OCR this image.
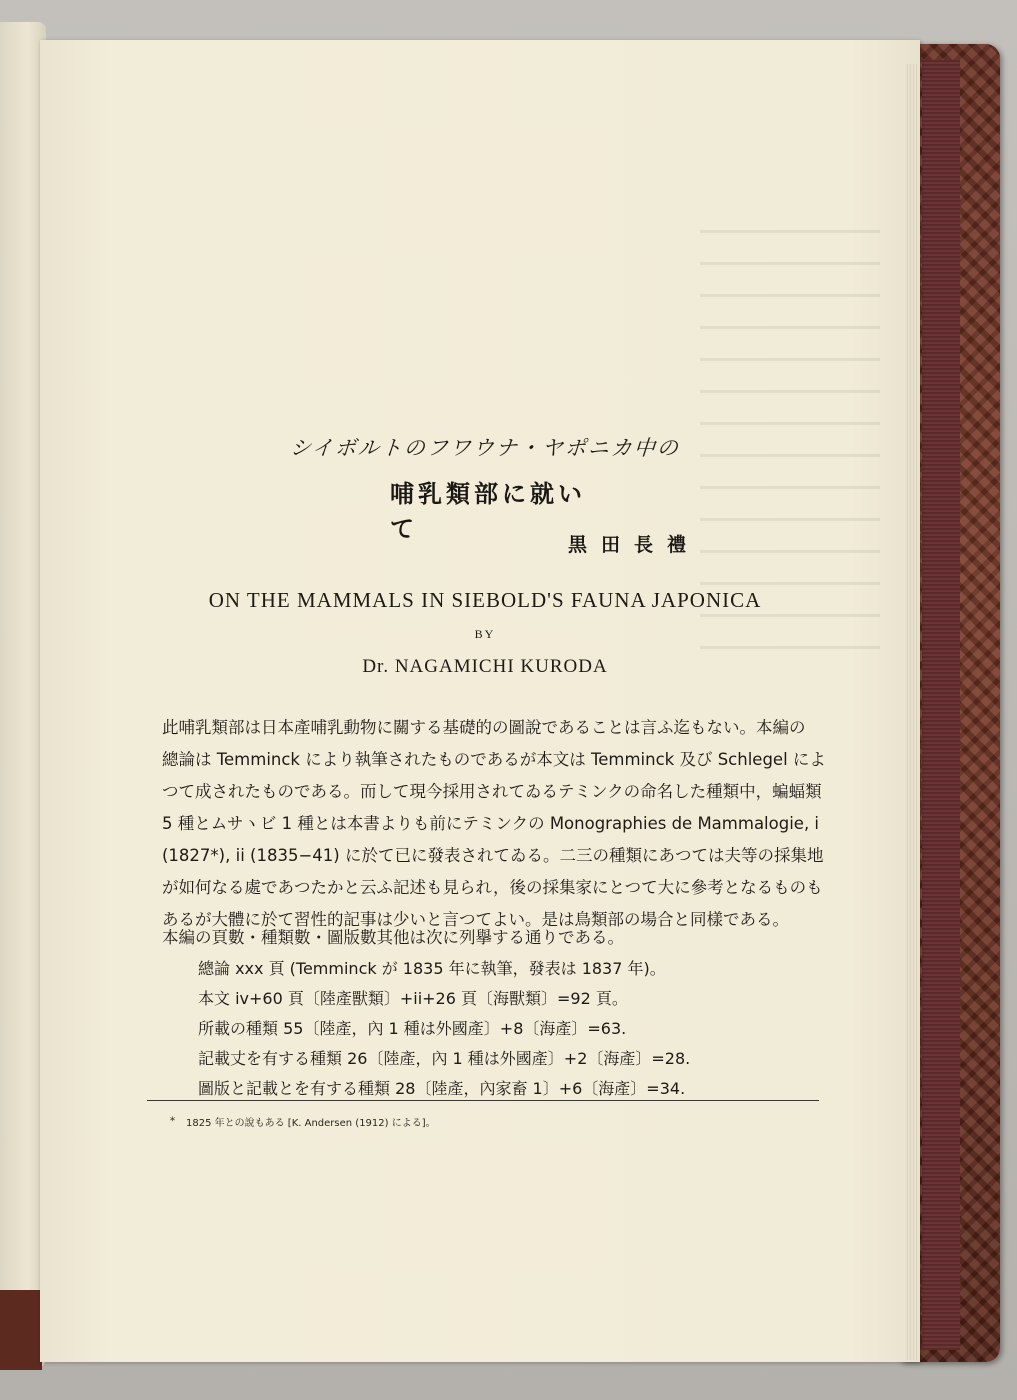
シイボルトのフワウナ・ヤポニカ中の
哺乳類部に就いて
黒田長禮
ON THE MAMMALS IN SIEBOLD'S FAUNA JAPONICA
BY
Dr. NAGAMICHI KURODA
此哺乳類部は日本產哺乳動物に關する基礎的の圖說であることは言ふ迄もない。本編の
總論は Temminck により執筆されたものであるが本文は Temminck 及び Schlegel によ
つて成されたものである。而して現今採用されてゐるテミンクの命名した種類中，蝙蝠類
5 種とムサヽビ 1 種とは本書よりも前にテミンクの Monographies de Mammalogie, i
(1827*), ii (1835−41) に於て已に發表されてゐる。二三の種類にあつては夫等の採集地
が如何なる處であつたかと云ふ記述も見られ，後の採集家にとつて大に參考となるものも
あるが大體に於て習性的記事は少いと言つてよい。是は鳥類部の場合と同樣である。
本編の頁數・種類數・圖版數其他は次に列擧する通りである。
總論 xxx 頁 (Temminck が 1835 年に執筆，發表は 1837 年)。
本文 iv+60 頁〔陸產獸類〕+ii+26 頁〔海獸類〕=92 頁。
所載の種類 55〔陸產，內 1 種は外國產〕+8〔海產〕=63.
記載丈を有する種類 26〔陸產，內 1 種は外國產〕+2〔海產〕=28.
圖版と記載とを有する種類 28〔陸產，內家畜 1〕+6〔海產〕=34.
* 1825 年との說もある [K. Andersen (1912) による]。
